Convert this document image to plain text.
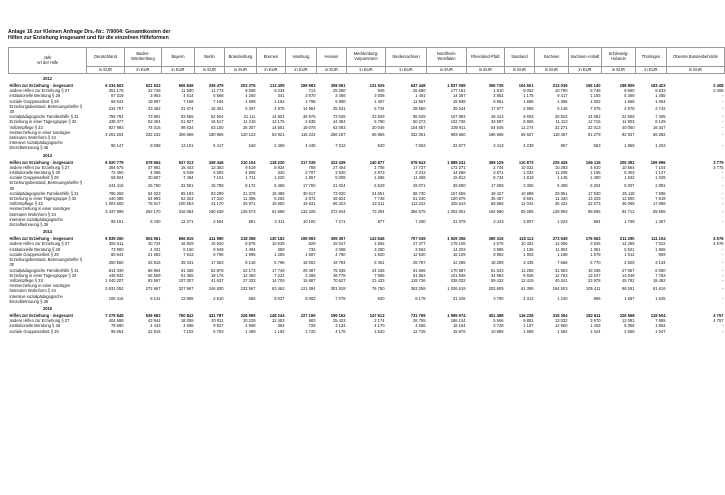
Anlage 16 zur Kleinen Anfrage Drs.-Nr.: 7/9004: Gesamtkosten der
Hilfen zur Erziehung insgesamt und für die einzelnen Hilfeformen
Jahr
Art der Hilfe	Deutschland	Baden-Württemberg	Bayern	Berlin	Brandenburg	Bremen	Hamburg	Hessen	Mecklenburg-Vorpommern	Niedersachsen	Nordrhein-Westfalen	Rheinland-Pfalz	Saarland	Sachsen	Sachsen-Anhalt	Schleswig-Holstein	Thüringen	Oberste Bundesbehörde
	in EUR	in EUR	in EUR	in EUR	in EUR	in EUR	in EUR	in EUR	in EUR	in EUR	in EUR	in EUR	in EUR	in EUR	in EUR	in EUR	in EUR	in EUR
2012																		
Hilfen zur Erziehung - insgesamt	6 234 603	521 532	606 846	339 479	203 375	113 409	199 693	308 051	131 525	647 448	1 837 069	356 735	104 501	213 039	155 140	198 809	183 423	2 408
andere Hilfen zur Erziehung § 27	361 178	32 728	11 580	11 773	9 558	9 234	713	25 290	946	26 650	177 181	1 810	9 062	10 790	5 746	9 660	6 633	3 408
institutionelle Beratung § 28	67 318	3 863	4 514	6 568	4 250	341	3 670	3 466	3 008	1 491	14 357	3 852	1 175	9 417	1 193	5 469	1 455	-
soziale Gruppenarbeit § 29	69 044	19 997	7 168	7 194	1 599	1 162	1 798	5 890	1 457	11 557	15 838	8 861	1 686	1 356	1 302	1 566	1 064	-
Erziehungsbeistand, Betreuungshelfer § 30	234 757	23 452	31 674	15 361	6 367	4 975	14 964	25 531	5 734	28 650	39 344	17 577	2 959	6 146	7 375	4 978	2 742	-
sozialpädagogische Familienhilfe § 31	758 784	73 891	83 655	52 504	21 111	14 824	36 976	73 036	23 829	85 028	167 983	46 413	9 603	25 522	14 062	22 509	7 405	-
Erziehung in einer Tagesgruppe § 32	438 377	53 404	51 827	16 517	11 219	12 175	2 635	44 384	6 790	50 273	102 736	33 597	8 956	11 113	12 715	11 903	8 129	-
Vollzeitpflege § 33	927 993	74 016	98 634	63 150	26 307	14 501	19 078	62 093	20 046	104 657	236 911	54 545	11 274	31 271	22 013	40 060	16 347	-
Heimerziehung in einer sonstigen betreuten Wohnform § 34	3 261 204	232 232	306 686	180 965	120 123	53 921	116 222	266 187	66 855	332 051	993 660	186 668	55 627	118 457	91 279	92 937	56 292	-
intensive sozialpädagogische Einzelbetreuung § 35	96 147	8 068	13 101	6 417	640	2 459	4 448	7 012	640	7 563	32 677	3 413	4 239	967	653	1 969	1 263	-
2013																		
Hilfen zur Erziehung - insgesamt	6 520 779	578 654	627 013	349 446	210 104	118 220	217 039	323 439	140 877	676 643	1 889 241	369 129	110 873	225 426	166 115	205 392	106 996	3 775
andere Hilfen zur Erziehung § 27	354 675	37 981	15 443	13 383	9 519	8 934	768	27 404	1 708	17 737	172 271	2 744	10 032	10 283	4 610	10 564	7 104	3 775
institutionelle Beratung § 28	72 450	4 086	5 049	6 693	4 805	340	2 767	3 520	2 973	3 313	14 256	3 571	1 032	11 205	1 158	5 403	1 147	-
soziale Gruppenarbeit § 29	69 924	20 687	7 494	7 101	1 711	1 220	1 957	5 008	1 686	11 469	15 812	8 734	1 819	1 145	1 490	1 532	1 039	-
Erziehungsbeistand, Betreuungshelfer § 30	244 415	26 750	32 581	15 789	8 172	5 456	17 760	21 024	6 529	29 071	39 600	17 609	3 365	6 409	6 204	5 007	2 881	-
sozialpädagogische Familienhilfe § 31	785 269	84 023	85 193	53 299	21 378	15 489	30 617	73 020	24 051	88 730	167 655	48 427	10 898	28 951	17 530	25 118	7 595	-
Erziehung in einer Tagesgruppe § 32	440 386	54 993	52 324	17 310	11 395	5 262	2 872	46 824	7 748	51 240	100 575	35 457	8 591	11 420	13 225	12 500	7 919	-
Vollzeitpflege § 33	1 003 500	78 917	100 553	41 170	25 971	15 600	19 531	66 323	22 011	113 222	325 643	56 565	12 042	36 422	22 273	46 068	17 688	-
Heimerziehung in einer sonstigen betreuten Wohnform § 34	3 437 999	262 170	316 084	190 639	126 573	61 598	132 328	272 944	73 294	356 575	1 002 551	192 580	59 285	128 993	99 655	94 712	59 555	-
intensive sozialpädagogische Einzelbetreuung § 35	95 161	8 430	12 271	2 554	881	2 411	10 100	7 271	877	7 290	31 079	3 443	3 807	1 023	964	1 768	1 467	-
2014																		
Hilfen zur Erziehung - insgesamt	6 839 260	604 551	656 815	411 980	218 358	130 152	195 993	359 357	143 646	707 049	1 929 356	390 316	115 113	273 649	176 663	211 290	111 104	4 576
andere Hilfen zur Erziehung § 27	392 611	40 734	16 929	16 520	8 875	10 539	629	26 047	1 592	27 377	178 106	4 675	10 332	12 056	3 826	12 265	7 522	4 576
institutionelle Beratung § 28	73 900	4 331	5 150	8 949	4 494	358	736	3 098	3 250	3 562	14 202	3 995	1 136	11 802	1 351	5 521	1 865	-
soziale Gruppenarbeit § 29	80 644	21 692	7 643	6 796	1 995	1 289	1 687	4 780	1 920	12 630	16 109	9 952	1 903	1 158	1 579	1 912	909	-
Erziehungsbeistand, Betreuungshelfer § 30	250 566	26 816	35 431	17 663	8 216	5 796	15 002	19 794	6 451	28 787	42 286	18 289	3 435	7 666	6 770	4 829	3 134	-
sozialpädagogische Familienhilfe § 31	814 039	86 964	91 468	52 878	22 173	17 749	29 487	75 336	24 435	91 666	170 687	51 643	11 255	31 903	19 336	27 667	6 050	-
Erziehung in einer Tagesgruppe § 32	448 832	56 509	51 355	18 176	12 450	7 222	2 288	48 778	7 585	51 852	101 946	34 983	8 926	12 703	13 247	13 048	7 763	-
Vollzeitpflege § 33	1 040 207	83 597	107 007	41 637	27 333	14 709	15 687	70 527	21 433	119 736	338 032	59 432	12 419	40 341	23 978	45 782	18 492	-
Heimerziehung in einer sonstigen betreuten Wohnform § 34	3 631 052	272 667	327 967	246 930	132 567	63 462	121 394	301 918	76 750	363 259	1 036 619	202 609	61 399	154 503	105 411	99 281	61 616	-
intensive sozialpädagogische Einzelbetreuung § 35	105 416	9 141	13 866	2 510	655	9 027	9 083	7 078	830	8 178	31 226	3 760	4 313	1 240	996	1 687	1 625	-
2015																		
Hilfen zur Erziehung - insgesamt	7 275 845	636 583	760 842	431 787	226 995	148 244	227 195	199 152	147 613	731 799	1 995 974	401 488	116 228	315 354	182 611	226 568	119 504	4 757
andere Hilfen zur Erziehung § 27	404 699	43 944	18 058	20 811	10 229	12 453	683	25 423	2 174	26 755	186 134	5 566	9 851	13 032	3 670	12 091	7 969	4 757
institutionelle Beratung § 28	78 690	4 443	4 698	9 827	4 508	364	725	3 134	4 170	4 266	15 154	3 728	1 107	12 900	1 403	6 358	1 854	-
soziale Gruppenarbeit § 29	95 054	22 815	7 102	6 753	1 489	1 192	1 720	4 176	1 520	12 745	15 876	10 898	1 958	1 582	1 424	2 556	1 047	-
